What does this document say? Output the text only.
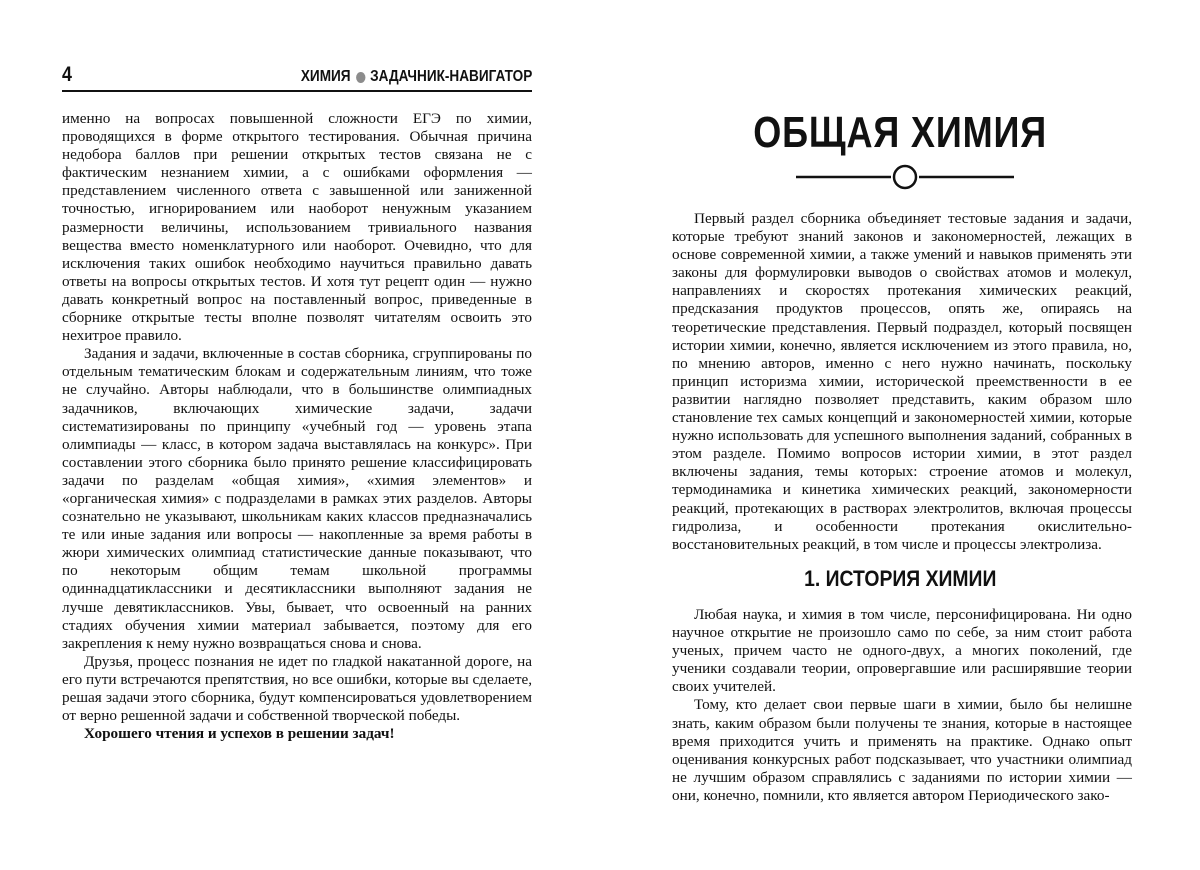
4	ХИМИЯ ЗАДАЧНИК-НАВИГАТОР

именно на вопросах повышенной сложности ЕГЭ по химии, проводящихся в форме открытого тестирования. Обычная причина недобора баллов при решении открытых тестов связана не с фактическим незнанием химии, а с ошибками оформления — представлением численного ответа с завышенной или заниженной точностью, игнорированием или наоборот ненужным указанием размерности величины, использованием тривиального названия вещества вместо номенклатурного или наоборот. Очевидно, что для исключения таких ошибок необходимо научиться правильно давать ответы на вопросы открытых тестов. И хотя тут рецепт один — нужно давать конкретный вопрос на поставленный вопрос, приведенные в сборнике открытые тесты вполне позволят читателям освоить это нехитрое правило.

Задания и задачи, включенные в состав сборника, сгруппированы по отдельным тематическим блокам и содержательным линиям, что тоже не случайно. Авторы наблюдали, что в большинстве олимпиадных задачников, включающих химические задачи, задачи систематизированы по принципу «учебный год — уровень этапа олимпиады — класс, в котором задача выставлялась на конкурс». При составлении этого сборника было принято решение классифицировать задачи по разделам «общая химия», «химия элементов» и «органическая химия» с подразделами в рамках этих разделов. Авторы сознательно не указывают, школьникам каких классов предназначались те или иные задания или вопросы — накопленные за время работы в жюри химических олимпиад статистические данные показывают, что по некоторым общим темам школьной программы одиннадцатиклассники и десятиклассники выполняют задания не лучше девятиклассников. Увы, бывает, что освоенный на ранних стадиях обучения химии материал забывается, поэтому для его закрепления к нему нужно возвращаться снова и снова.

Друзья, процесс познания не идет по гладкой накатанной дороге, на его пути встречаются препятствия, но все ошибки, которые вы сделаете, решая задачи этого сборника, будут компенсироваться удовлетворением от верно решенной задачи и собственной творческой победы.

Хорошего чтения и успехов в решении задач!

ОБЩАЯ ХИМИЯ

Первый раздел сборника объединяет тестовые задания и задачи, которые требуют знаний законов и закономерностей, лежащих в основе современной химии, а также умений и навыков применять эти законы для формулировки выводов о свойствах атомов и молекул, направлениях и скоростях протекания химических реакций, предсказания продуктов процессов, опять же, опираясь на теоретические представления. Первый подраздел, который посвящен истории химии, конечно, является исключением из этого правила, но, по мнению авторов, именно с него нужно начинать, поскольку принцип историзма химии, исторической преемственности в ее развитии наглядно позволяет представить, каким образом шло становление тех самых концепций и закономерностей химии, которые нужно использовать для успешного выполнения заданий, собранных в этом разделе. Помимо вопросов истории химии, в этот раздел включены задания, темы которых: строение атомов и молекул, термодинамика и кинетика химических реакций, закономерности реакций, протекающих в растворах электролитов, включая процессы гидролиза, и особенности протекания окислительно-восстановительных реакций, в том числе и процессы электролиза.

1. ИСТОРИЯ ХИМИИ

Любая наука, и химия в том числе, персонифицирована. Ни одно научное открытие не произошло само по себе, за ним стоит работа ученых, причем часто не одного-двух, а многих поколений, где ученики создавали теории, опровергавшие или расширявшие теории своих учителей.

Тому, кто делает свои первые шаги в химии, было бы нелишне знать, каким образом были получены те знания, которые в настоящее время приходится учить и применять на практике. Однако опыт оценивания конкурсных работ подсказывает, что участники олимпиад не лучшим образом справлялись с заданиями по истории химии — они, конечно, помнили, кто является автором Периодического зако-
